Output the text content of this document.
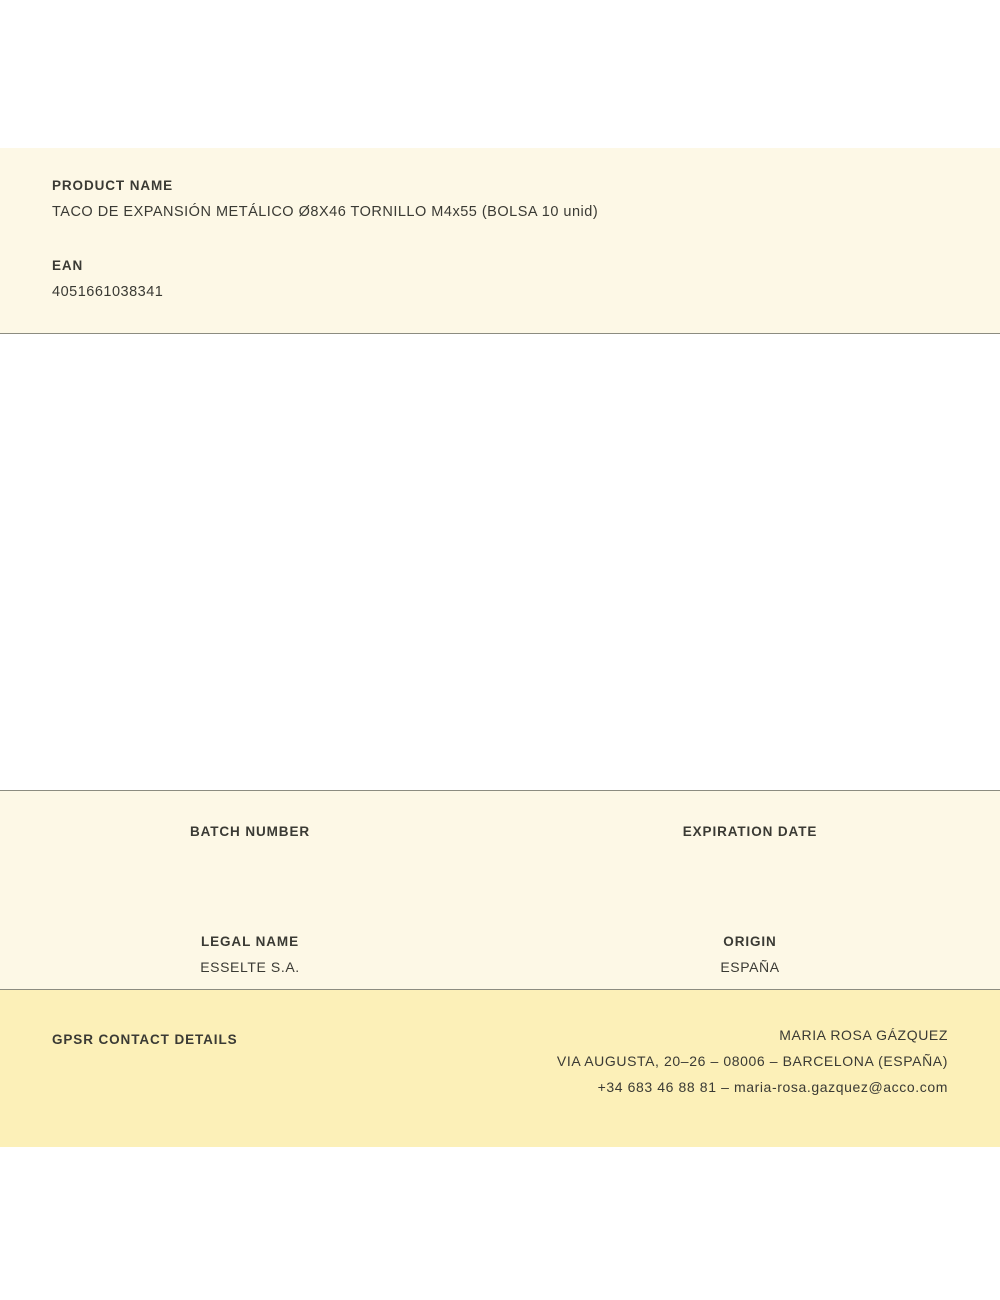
PRODUCT NAME

TACO DE EXPANSIÓN METÁLICO Ø8X46 TORNILLO M4x55 (BOLSA 10 unid)

EAN

4051661038341

BATCH NUMBER	EXPIRATION DATE

LEGAL NAME

ESSELTE S.A.

ORIGIN

ESPAÑA

GPSR CONTACT DETAILS	MARIA ROSA GÁZQUEZ
VIA AUGUSTA, 20–26 – 08006 – BARCELONA (ESPAÑA)
+34 683 46 88 81 – maria-rosa.gazquez@acco.com
